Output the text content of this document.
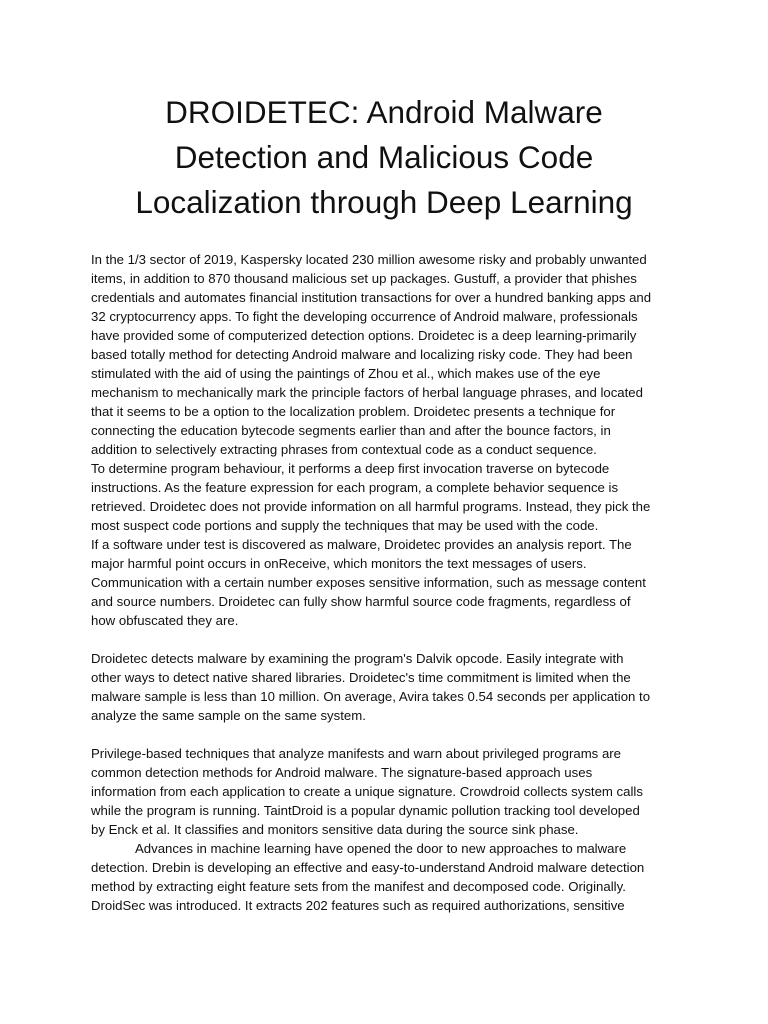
DROIDETEC: Android Malware
Detection and Malicious Code
Localization through Deep Learning
In the 1/3 sector of 2019, Kaspersky located 230 million awesome risky and probably unwanted
items, in addition to 870 thousand malicious set up packages. Gustuff, a provider that phishes
credentials and automates financial institution transactions for over a hundred banking apps and
32 cryptocurrency apps. To fight the developing occurrence of Android malware, professionals
have provided some of computerized detection options. Droidetec is a deep learning-primarily
based totally method for detecting Android malware and localizing risky code. They had been
stimulated with the aid of using the paintings of Zhou et al., which makes use of the eye
mechanism to mechanically mark the principle factors of herbal language phrases, and located
that it seems to be a option to the localization problem. Droidetec presents a technique for
connecting the education bytecode segments earlier than and after the bounce factors, in
addition to selectively extracting phrases from contextual code as a conduct sequence.
To determine program behaviour, it performs a deep first invocation traverse on bytecode
instructions. As the feature expression for each program, a complete behavior sequence is
retrieved. Droidetec does not provide information on all harmful programs. Instead, they pick the
most suspect code portions and supply the techniques that may be used with the code.
If a software under test is discovered as malware, Droidetec provides an analysis report. The
major harmful point occurs in onReceive, which monitors the text messages of users.
Communication with a certain number exposes sensitive information, such as message content
and source numbers. Droidetec can fully show harmful source code fragments, regardless of
how obfuscated they are.
Droidetec detects malware by examining the program's Dalvik opcode. Easily integrate with
other ways to detect native shared libraries. Droidetec's time commitment is limited when the
malware sample is less than 10 million. On average, Avira takes 0.54 seconds per application to
analyze the same sample on the same system.
Privilege-based techniques that analyze manifests and warn about privileged programs are
common detection methods for Android malware. The signature-based approach uses
information from each application to create a unique signature. Crowdroid collects system calls
while the program is running. TaintDroid is a popular dynamic pollution tracking tool developed
by Enck et al. It classifies and monitors sensitive data during the source sink phase.
Advances in machine learning have opened the door to new approaches to malware
detection. Drebin is developing an effective and easy-to-understand Android malware detection
method by extracting eight feature sets from the manifest and decomposed code. Originally.
DroidSec was introduced. It extracts 202 features such as required authorizations, sensitive
